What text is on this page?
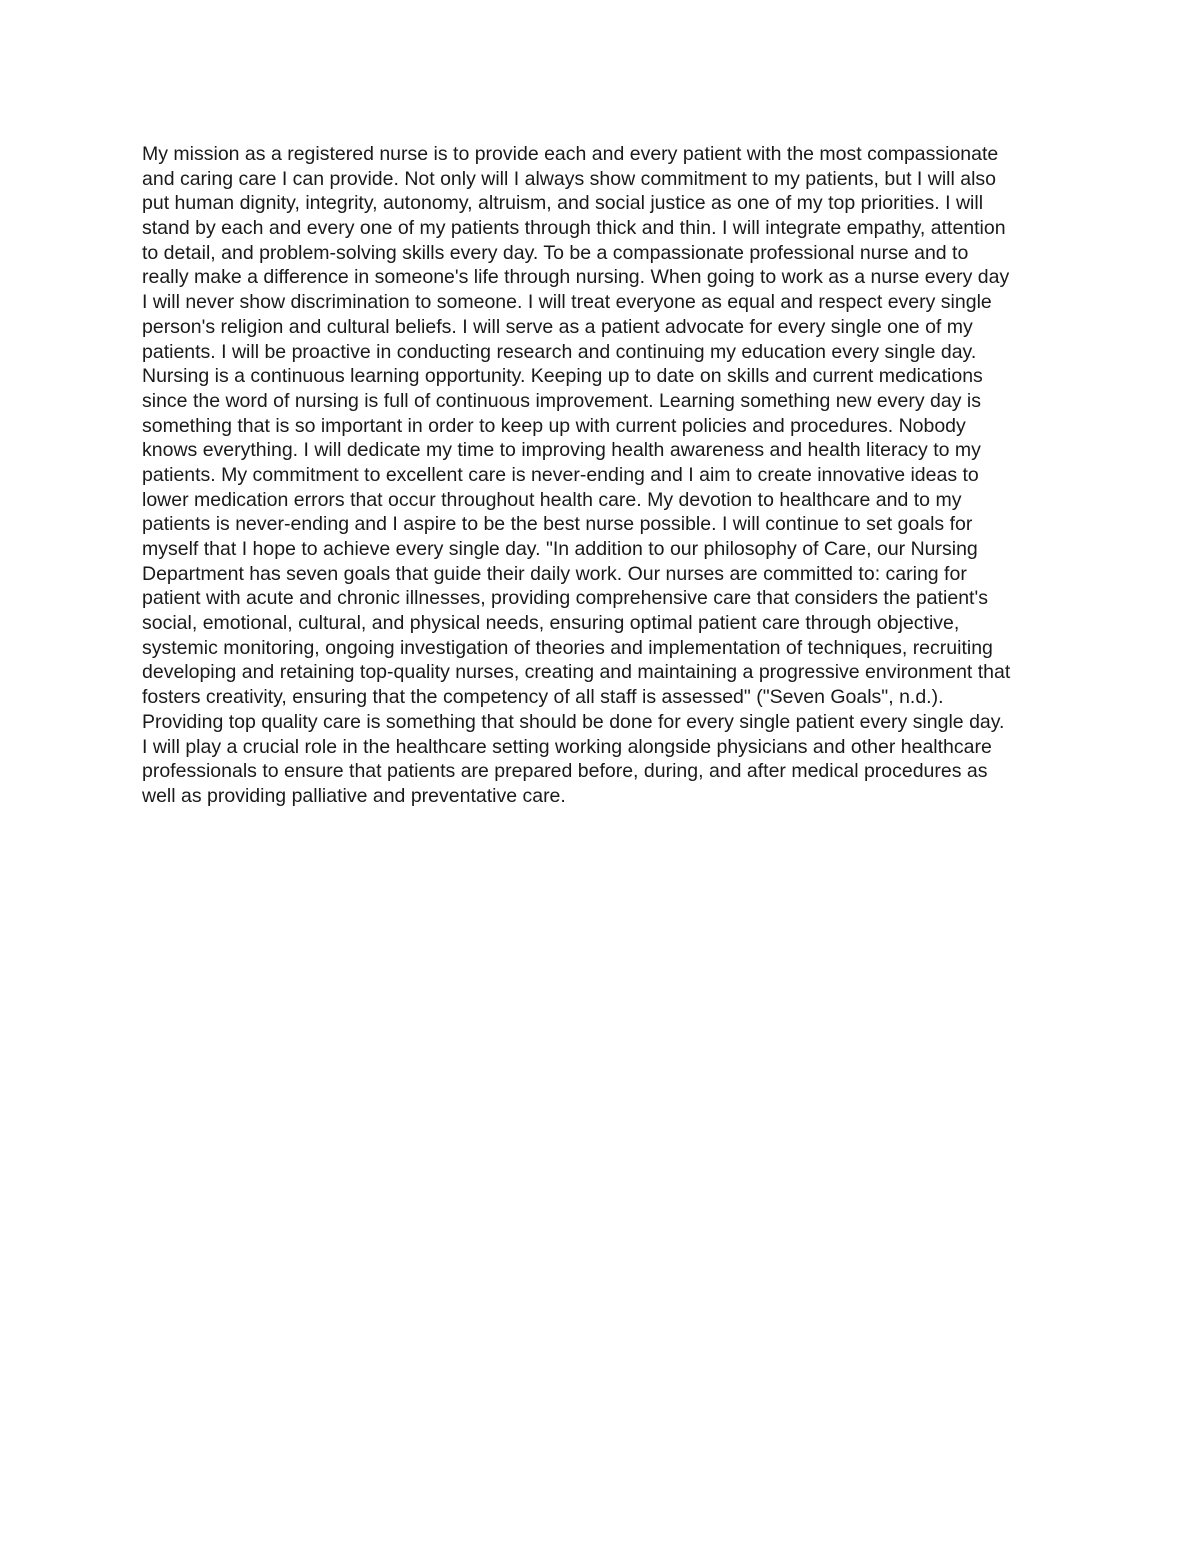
My mission as a registered nurse is to provide each and every patient with the most compassionate
and caring care I can provide. Not only will I always show commitment to my patients, but I will also
put human dignity, integrity, autonomy, altruism, and social justice as one of my top priorities. I will
stand by each and every one of my patients through thick and thin. I will integrate empathy, attention
to detail, and problem-solving skills every day. To be a compassionate professional nurse and to
really make a difference in someone's life through nursing. When going to work as a nurse every day
I will never show discrimination to someone. I will treat everyone as equal and respect every single
person's religion and cultural beliefs. I will serve as a patient advocate for every single one of my
patients. I will be proactive in conducting research and continuing my education every single day.
Nursing is a continuous learning opportunity. Keeping up to date on skills and current medications
since the word of nursing is full of continuous improvement. Learning something new every day is
something that is so important in order to keep up with current policies and procedures. Nobody
knows everything. I will dedicate my time to improving health awareness and health literacy to my
patients. My commitment to excellent care is never-ending and I aim to create innovative ideas to
lower medication errors that occur throughout health care. My devotion to healthcare and to my
patients is never-ending and I aspire to be the best nurse possible. I will continue to set goals for
myself that I hope to achieve every single day. "In addition to our philosophy of Care, our Nursing
Department has seven goals that guide their daily work. Our nurses are committed to: caring for
patient with acute and chronic illnesses, providing comprehensive care that considers the patient's
social, emotional, cultural, and physical needs, ensuring optimal patient care through objective,
systemic monitoring, ongoing investigation of theories and implementation of techniques, recruiting
developing and retaining top-quality nurses, creating and maintaining a progressive environment that
fosters creativity, ensuring that the competency of all staff is assessed" ("Seven Goals", n.d.).
Providing top quality care is something that should be done for every single patient every single day.
I will play a crucial role in the healthcare setting working alongside physicians and other healthcare
professionals to ensure that patients are prepared before, during, and after medical procedures as
well as providing palliative and preventative care.
